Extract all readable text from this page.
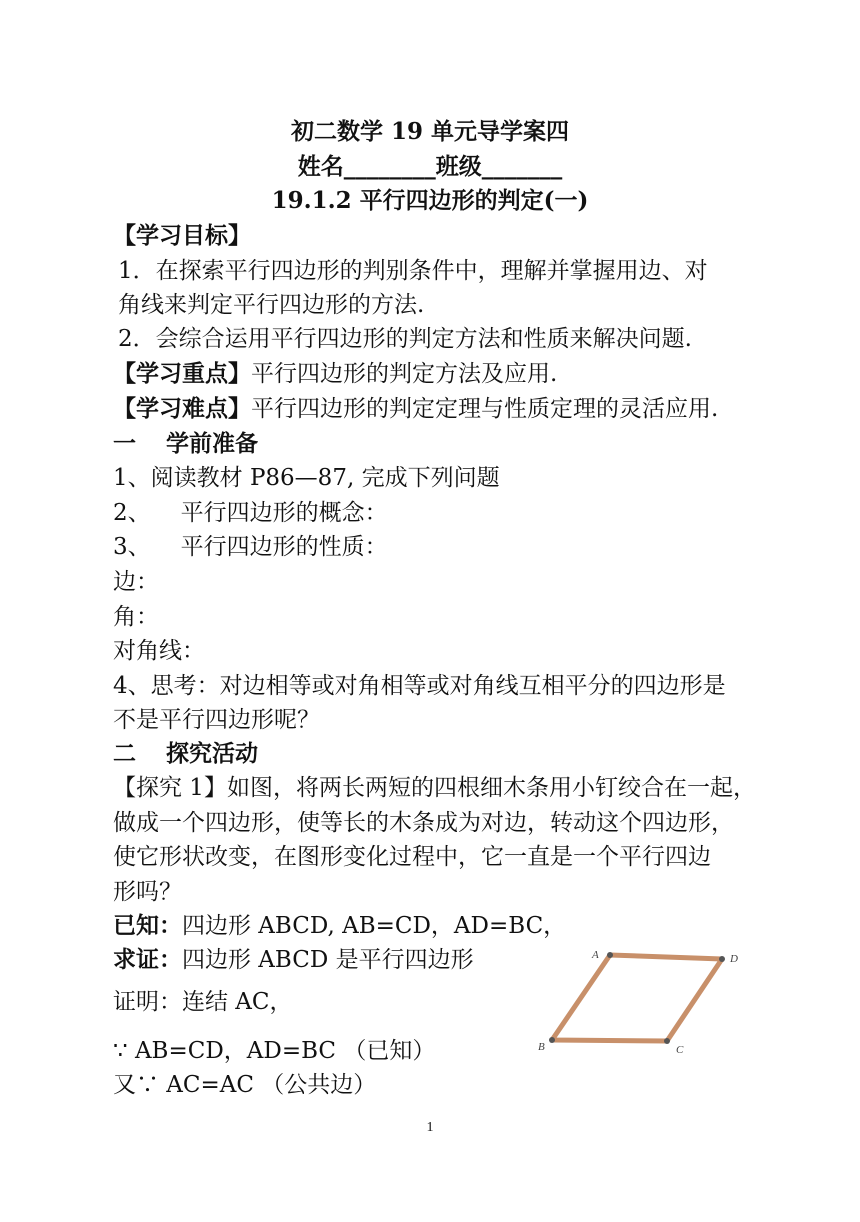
初二数学 19 单元导学案四
姓名________班级_______
19.1.2 平行四边形的判定(一)
【学习目标】
1．在探索平行四边形的判别条件中，理解并掌握用边、对
角线来判定平行四边形的方法.
2．会综合运用平行四边形的判定方法和性质来解决问题.
【学习重点】平行四边形的判定方法及应用.
【学习难点】平行四边形的判定定理与性质定理的灵活应用.
一 学前准备
1、阅读教材 P86—87, 完成下列问题
2、 平行四边形的概念：
3、 平行四边形的性质：
边：
角：
对角线：
4、思考：对边相等或对角相等或对角线互相平分的四边形是
不是平行四边形呢？
二 探究活动
【探究 1】如图，将两长两短的四根细木条用小钉绞合在一起，
做成一个四边形，使等长的木条成为对边，转动这个四边形，
使它形状改变，在图形变化过程中，它一直是一个平行四边
形吗？
已知：四边形 ABCD, AB=CD，AD=BC，
求证：四边形 ABCD 是平行四边形
证明：连结 AC，
∵ AB=CD，AD=BC （已知）
又∵ AC=AC （公共边）
A	D
C
B
1
